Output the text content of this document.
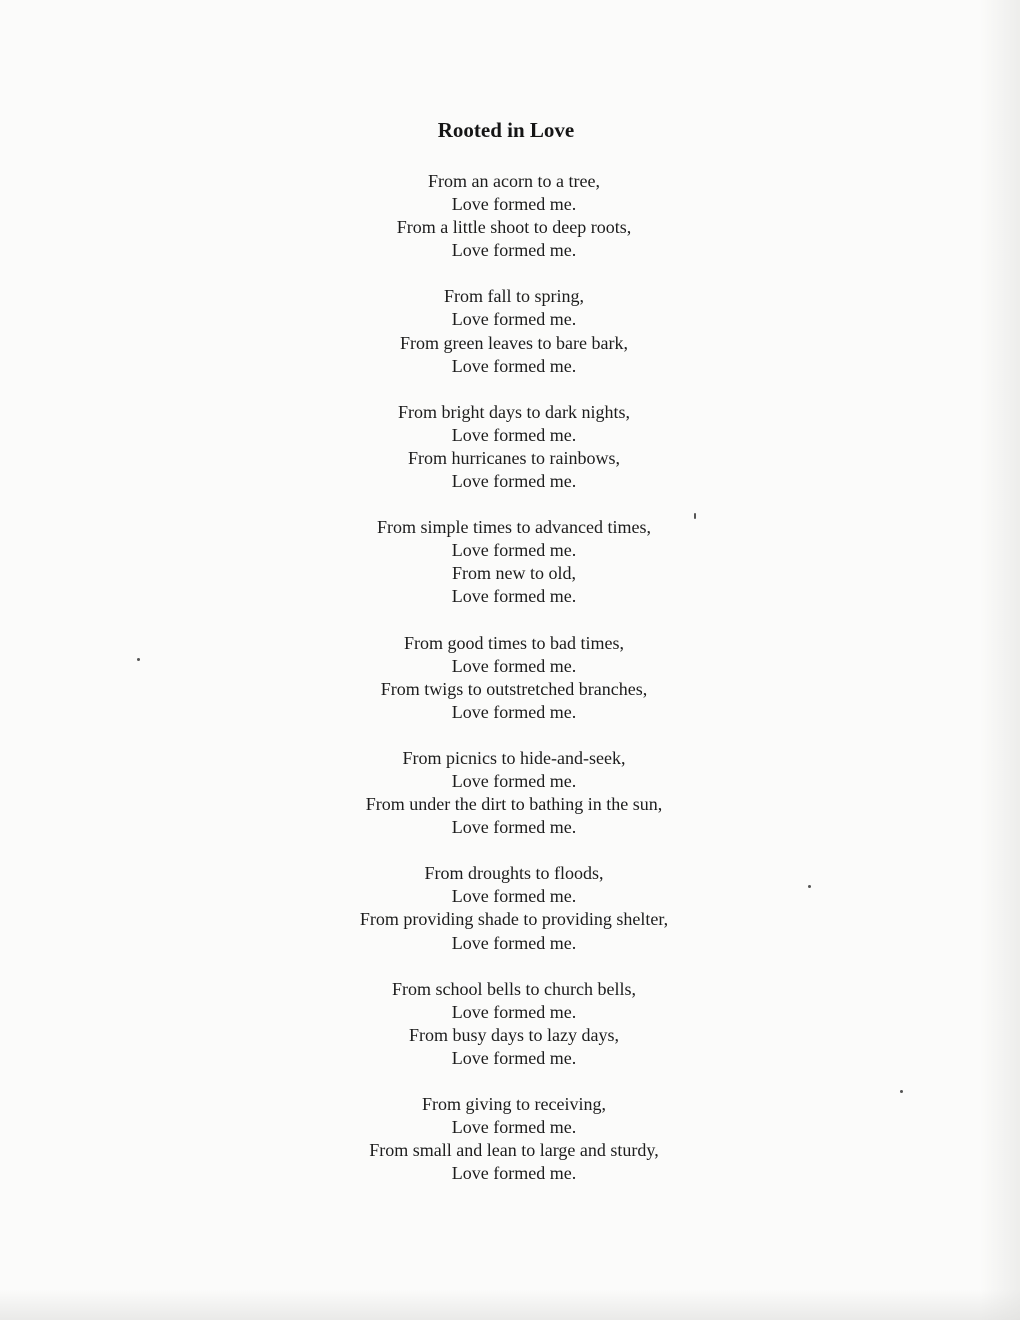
Rooted in Love
From an acorn to a tree,
Love formed me.
From a little shoot to deep roots,
Love formed me.
From fall to spring,
Love formed me.
From green leaves to bare bark,
Love formed me.
From bright days to dark nights,
Love formed me.
From hurricanes to rainbows,
Love formed me.
From simple times to advanced times,
Love formed me.
From new to old,
Love formed me.
From good times to bad times,
Love formed me.
From twigs to outstretched branches,
Love formed me.
From picnics to hide-and-seek,
Love formed me.
From under the dirt to bathing in the sun,
Love formed me.
From droughts to floods,
Love formed me.
From providing shade to providing shelter,
Love formed me.
From school bells to church bells,
Love formed me.
From busy days to lazy days,
Love formed me.
From giving to receiving,
Love formed me.
From small and lean to large and sturdy,
Love formed me.
